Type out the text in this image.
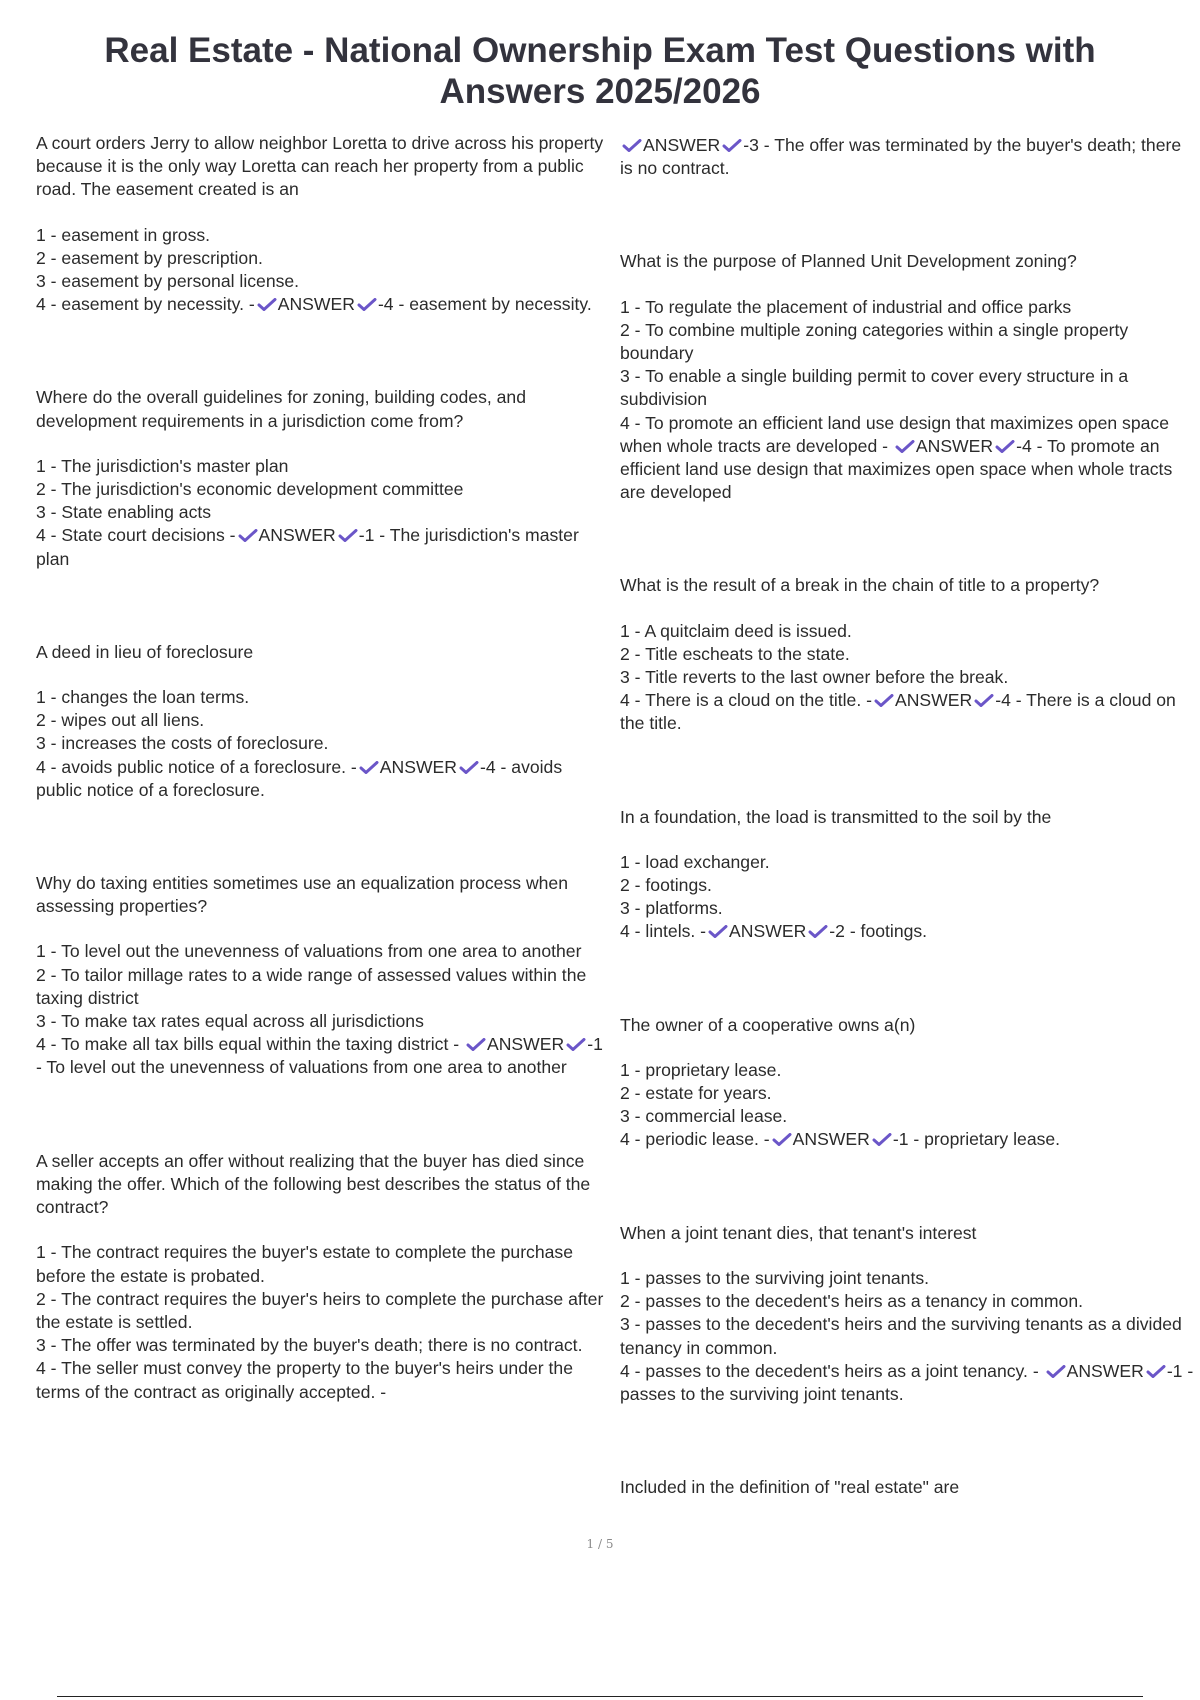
Real Estate - National Ownership Exam Test Questions with Answers 2025/2026

A court orders Jerry to allow neighbor Loretta to drive across his property because it is the only way Loretta can reach her property from a public road. The easement created is an

1 - easement in gross.
2 - easement by prescription.
3 - easement by personal license.
4 - easement by necessity. - ANSWER -4 - easement by necessity.

Where do the overall guidelines for zoning, building codes, and development requirements in a jurisdiction come from?

1 - The jurisdiction's master plan
2 - The jurisdiction's economic development committee
3 - State enabling acts
4 - State court decisions - ANSWER -1 - The jurisdiction's master plan

A deed in lieu of foreclosure

1 - changes the loan terms.
2 - wipes out all liens.
3 - increases the costs of foreclosure.
4 - avoids public notice of a foreclosure. - ANSWER -4 - avoids public notice of a foreclosure.

Why do taxing entities sometimes use an equalization process when assessing properties?

1 - To level out the unevenness of valuations from one area to another
2 - To tailor millage rates to a wide range of assessed values within the taxing district
3 - To make tax rates equal across all jurisdictions
4 - To make all tax bills equal within the taxing district - ANSWER -1 - To level out the unevenness of valuations from one area to another

A seller accepts an offer without realizing that the buyer has died since making the offer. Which of the following best describes the status of the contract?

1 - The contract requires the buyer's estate to complete the purchase before the estate is probated.
2 - The contract requires the buyer's heirs to complete the purchase after the estate is settled.
3 - The offer was terminated by the buyer's death; there is no contract.
4 - The seller must convey the property to the buyer's heirs under the terms of the contract as originally accepted. -
ANSWER -3 - The offer was terminated by the buyer's death; there is no contract.

What is the purpose of Planned Unit Development zoning?

1 - To regulate the placement of industrial and office parks
2 - To combine multiple zoning categories within a single property boundary
3 - To enable a single building permit to cover every structure in a subdivision
4 - To promote an efficient land use design that maximizes open space when whole tracts are developed - ANSWER -4 - To promote an efficient land use design that maximizes open space when whole tracts are developed

What is the result of a break in the chain of title to a property?

1 - A quitclaim deed is issued.
2 - Title escheats to the state.
3 - Title reverts to the last owner before the break.
4 - There is a cloud on the title. - ANSWER -4 - There is a cloud on the title.

In a foundation, the load is transmitted to the soil by the

1 - load exchanger.
2 - footings.
3 - platforms.
4 - lintels. - ANSWER -2 - footings.

The owner of a cooperative owns a(n)

1 - proprietary lease.
2 - estate for years.
3 - commercial lease.
4 - periodic lease. - ANSWER -1 - proprietary lease.

When a joint tenant dies, that tenant's interest

1 - passes to the surviving joint tenants.
2 - passes to the decedent's heirs as a tenancy in common.
3 - passes to the decedent's heirs and the surviving tenants as a divided tenancy in common.
4 - passes to the decedent's heirs as a joint tenancy. - ANSWER -1 - passes to the surviving joint tenants.

Included in the definition of "real estate" are

1 / 5
